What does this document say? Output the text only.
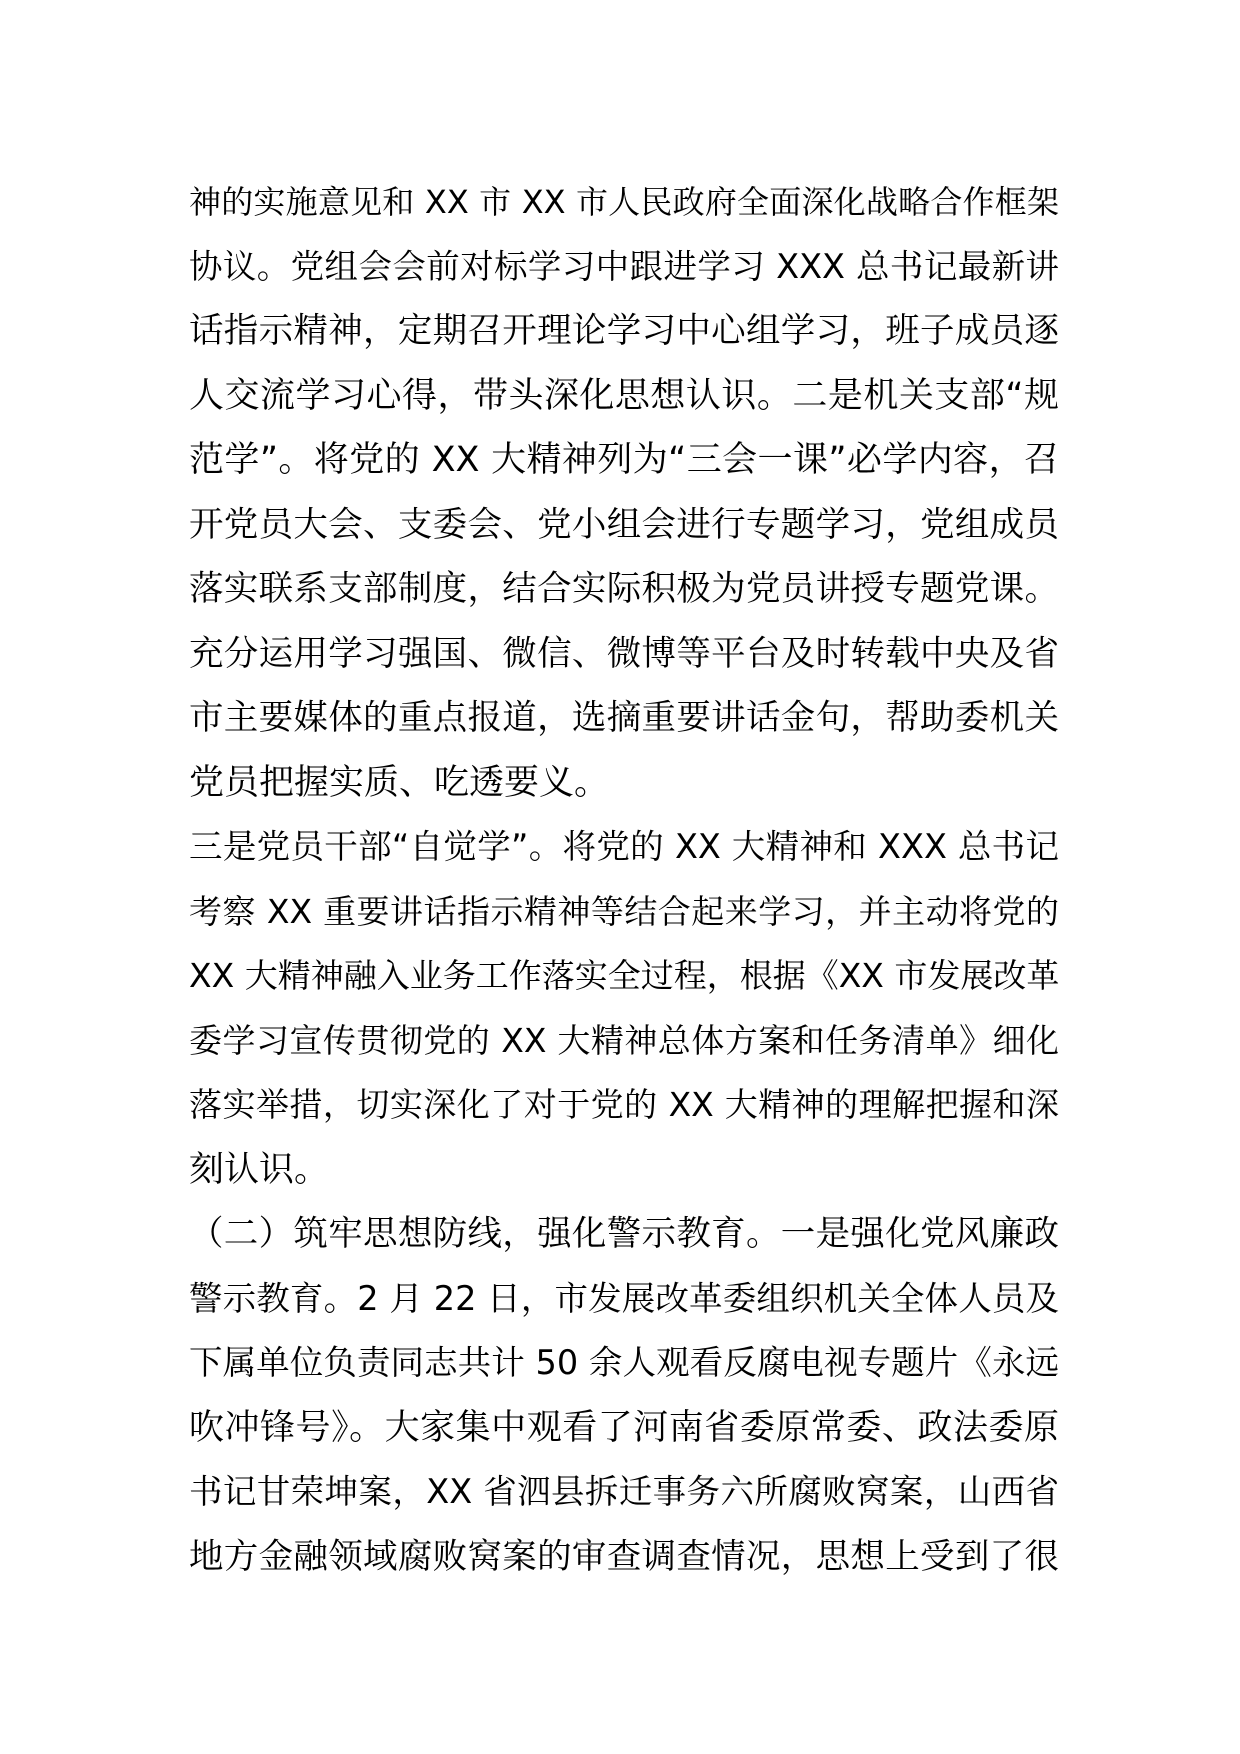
神的实施意见和 XX 市 XX 市人民政府全面深化战略合作框架
协议。党组会会前对标学习中跟进学习 XXX 总书记最新讲
话指示精神，定期召开理论学习中心组学习，班子成员逐
人交流学习心得，带头深化思想认识。二是机关支部“规
范学”。将党的 XX 大精神列为“三会一课”必学内容，召
开党员大会、支委会、党小组会进行专题学习，党组成员
落实联系支部制度，结合实际积极为党员讲授专题党课。
充分运用学习强国、微信、微博等平台及时转载中央及省
市主要媒体的重点报道，选摘重要讲话金句，帮助委机关
党员把握实质、吃透要义。
三是党员干部“自觉学”。将党的 XX 大精神和 XXX 总书记
考察 XX 重要讲话指示精神等结合起来学习，并主动将党的
XX 大精神融入业务工作落实全过程，根据《XX 市发展改革
委学习宣传贯彻党的 XX 大精神总体方案和任务清单》细化
落实举措，切实深化了对于党的 XX 大精神的理解把握和深
刻认识。
（二）筑牢思想防线，强化警示教育。一是强化党风廉政
警示教育。2 月 22 日，市发展改革委组织机关全体人员及
下属单位负责同志共计 50 余人观看反腐电视专题片《永远
吹冲锋号》。大家集中观看了河南省委原常委、政法委原
书记甘荣坤案，XX 省泗县拆迁事务六所腐败窝案，山西省
地方金融领域腐败窝案的审查调查情况，思想上受到了很
